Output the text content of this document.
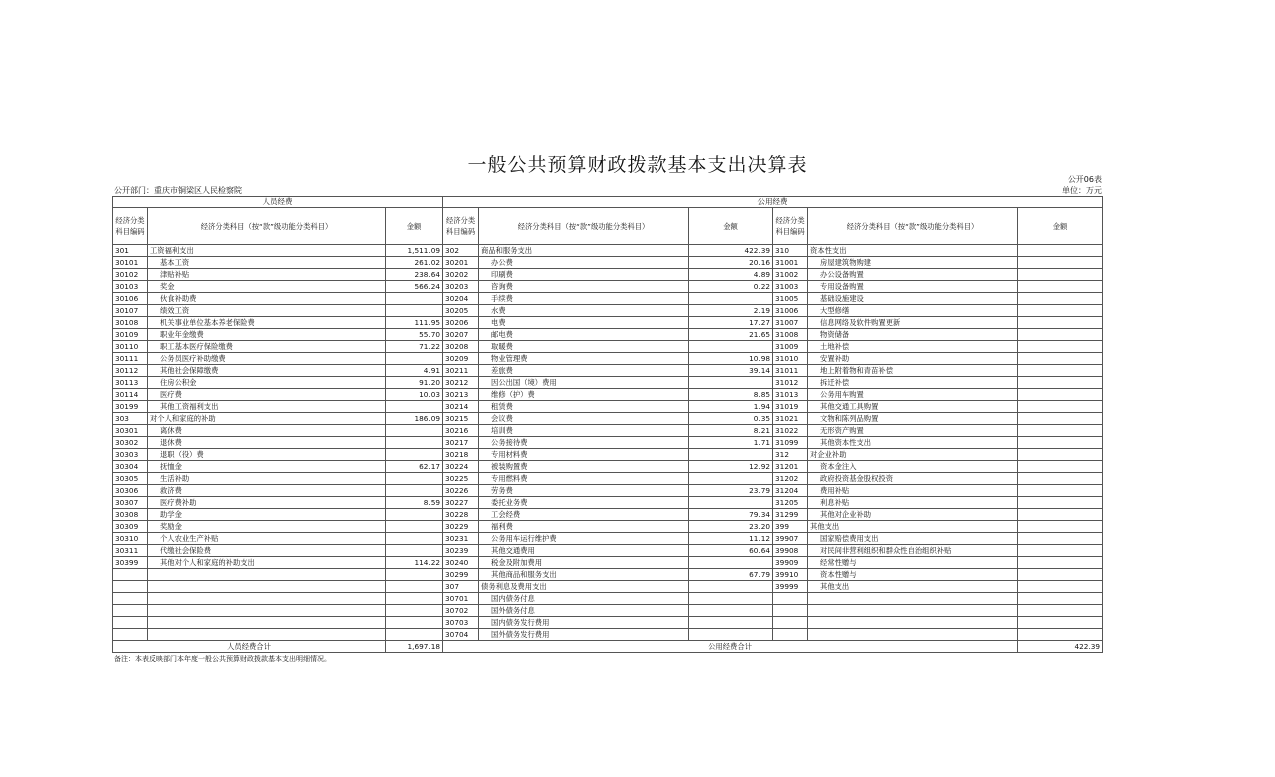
一般公共预算财政拨款基本支出决算表
公开06表
公开部门：重庆市铜梁区人民检察院	单位：万元
人员经费			公用经费					
经济分类科目编码	经济分类科目（按“款”级功能分类科目）	金额	经济分类科目编码	经济分类科目（按“款”级功能分类科目）	金额	经济分类科目编码	经济分类科目（按“款”级功能分类科目）	金额
301	工资福利支出	1,511.09	302	商品和服务支出	422.39	310	资本性支出	
30101	基本工资	261.02	30201	办公费	20.16	31001	房屋建筑物购建	
30102	津贴补贴	238.64	30202	印刷费	4.89	31002	办公设备购置	
30103	奖金	566.24	30203	咨询费	0.22	31003	专用设备购置	
30106	伙食补助费		30204	手续费		31005	基础设施建设	
30107	绩效工资		30205	水费	2.19	31006	大型修缮	
30108	机关事业单位基本养老保险费	111.95	30206	电费	17.27	31007	信息网络及软件购置更新	
30109	职业年金缴费	55.70	30207	邮电费	21.65	31008	物资储备	
30110	职工基本医疗保险缴费	71.22	30208	取暖费		31009	土地补偿	
30111	公务员医疗补助缴费		30209	物业管理费	10.98	31010	安置补助	
30112	其他社会保障缴费	4.91	30211	差旅费	39.14	31011	地上附着物和青苗补偿	
30113	住房公积金	91.20	30212	因公出国（境）费用		31012	拆迁补偿	
30114	医疗费	10.03	30213	维修（护）费	8.85	31013	公务用车购置	
30199	其他工资福利支出		30214	租赁费	1.94	31019	其他交通工具购置	
303	对个人和家庭的补助	186.09	30215	会议费	0.35	31021	文物和陈列品购置	
30301	离休费		30216	培训费	8.21	31022	无形资产购置	
30302	退休费		30217	公务接待费	1.71	31099	其他资本性支出	
30303	退职（役）费		30218	专用材料费		312	对企业补助	
30304	抚恤金	62.17	30224	被装购置费	12.92	31201	资本金注入	
30305	生活补助		30225	专用燃料费		31202	政府投资基金股权投资	
30306	救济费		30226	劳务费	23.79	31204	费用补贴	
30307	医疗费补助	8.59	30227	委托业务费		31205	利息补贴	
30308	助学金		30228	工会经费	79.34	31299	其他对企业补助	
30309	奖励金		30229	福利费	23.20	399	其他支出	
30310	个人农业生产补贴		30231	公务用车运行维护费	11.12	39907	国家赔偿费用支出	
30311	代缴社会保险费		30239	其他交通费用	60.64	39908	对民间非营利组织和群众性自治组织补贴	
30399	其他对个人和家庭的补助支出	114.22	30240	税金及附加费用		39909	经常性赠与	
			30299	其他商品和服务支出	67.79	39910	资本性赠与	
			307	债务利息及费用支出		39999	其他支出	
			30701	国内债务付息				
			30702	国外债务付息				
			30703	国内债务发行费用				
			30704	国外债务发行费用				
人员经费合计		1,697.18	公用经费合计					422.39
备注：本表反映部门本年度一般公共预算财政拨款基本支出明细情况。
